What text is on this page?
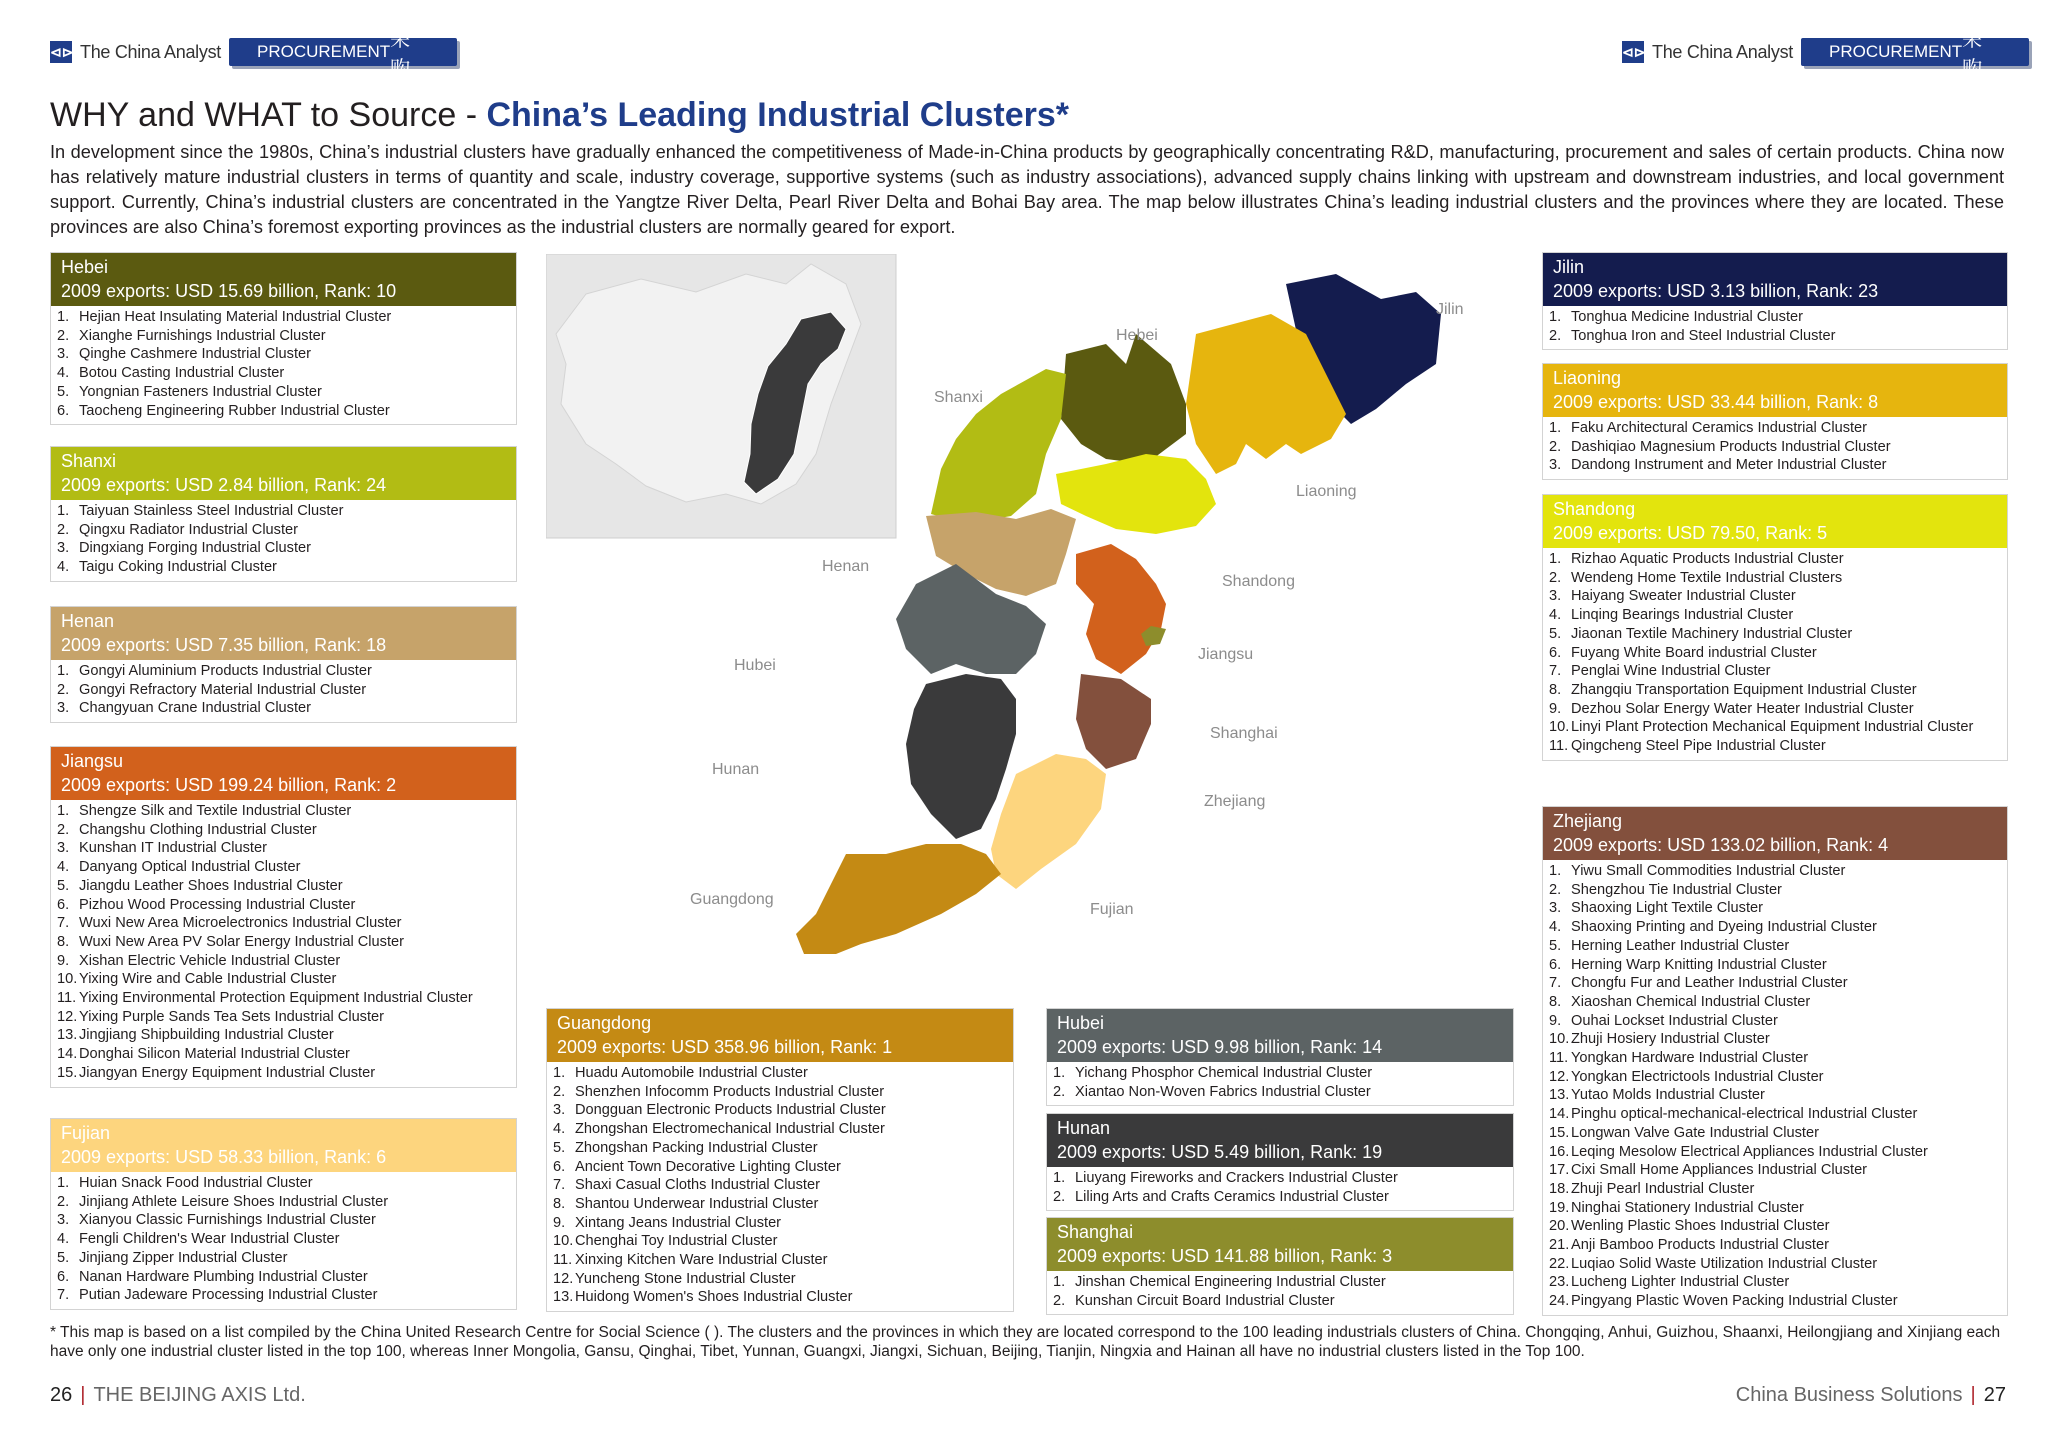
⊲⊳ The China Analyst PROCUREMENT
采购
⊲⊳ The China Analyst PROCUREMENT
采购
WHY and WHAT to Source - China’s Leading Industrial Clusters*
In development since the 1980s, China’s industrial clusters have gradually enhanced the competitiveness of Made-in-China products by geographically concentrating R&D, manufacturing, procurement and sales of certain products. China now has relatively mature industrial clusters in terms of quantity and scale, industry coverage, supportive systems (such as industry associations), advanced supply chains linking with upstream and downstream industries, and local government support. Currently, China’s industrial clusters are concentrated in the Yangtze River Delta, Pearl River Delta and Bohai Bay area. The map below illustrates China’s leading industrial clusters and the provinces where they are located. These provinces are also China’s foremost exporting provinces as the industrial clusters are normally geared for export.
Hebei
2009 exports: USD 15.69 billion, Rank: 10
1. Hejian Heat Insulating Material Industrial Cluster
2. Xianghe Furnishings Industrial Cluster
3. Qinghe Cashmere Industrial Cluster
4. Botou Casting Industrial Cluster
5. Yongnian Fasteners Industrial Cluster
6. Taocheng Engineering Rubber Industrial Cluster
Shanxi
2009 exports: USD 2.84 billion, Rank: 24
1. Taiyuan Stainless Steel Industrial Cluster
2. Qingxu Radiator Industrial Cluster
3. Dingxiang Forging Industrial Cluster
4. Taigu Coking Industrial Cluster
Henan
2009 exports: USD 7.35 billion, Rank: 18
1. Gongyi Aluminium Products Industrial Cluster
2. Gongyi Refractory Material Industrial Cluster
3. Changyuan Crane Industrial Cluster
Jiangsu
2009 exports: USD 199.24 billion, Rank: 2
1. Shengze Silk and Textile Industrial Cluster
2. Changshu Clothing Industrial Cluster
3. Kunshan IT Industrial Cluster
4. Danyang Optical Industrial Cluster
5. Jiangdu Leather Shoes Industrial Cluster
6. Pizhou Wood Processing Industrial Cluster
7. Wuxi New Area Microelectronics Industrial Cluster
8. Wuxi New Area PV Solar Energy Industrial Cluster
9. Xishan Electric Vehicle Industrial Cluster
10. Yixing Wire and Cable Industrial Cluster
11. Yixing Environmental Protection Equipment Industrial Cluster
12. Yixing Purple Sands Tea Sets Industrial Cluster
13. Jingjiang Shipbuilding Industrial Cluster
14. Donghai Silicon Material Industrial Cluster
15. Jiangyan Energy Equipment Industrial Cluster
Fujian
2009 exports: USD 58.33 billion, Rank: 6
1. Huian Snack Food Industrial Cluster
2. Jinjiang Athlete Leisure Shoes Industrial Cluster
3. Xianyou Classic Furnishings Industrial Cluster
4. Fengli Children's Wear Industrial Cluster
5. Jinjiang Zipper Industrial Cluster
6. Nanan Hardware Plumbing Industrial Cluster
7. Putian Jadeware Processing Industrial Cluster
Guangdong
2009 exports: USD 358.96 billion, Rank: 1
1. Huadu Automobile Industrial Cluster
2. Shenzhen Infocomm Products Industrial Cluster
3. Dongguan Electronic Products Industrial Cluster
4. Zhongshan Electromechanical Industrial Cluster
5. Zhongshan Packing Industrial Cluster
6. Ancient Town Decorative Lighting Cluster
7. Shaxi Casual Cloths Industrial Cluster
8. Shantou Underwear Industrial Cluster
9. Xintang Jeans Industrial Cluster
10. Chenghai Toy Industrial Cluster
11. Xinxing Kitchen Ware Industrial Cluster
12. Yuncheng Stone Industrial Cluster
13. Huidong Women's Shoes Industrial Cluster
Hubei
2009 exports: USD 9.98 billion, Rank: 14
1. Yichang Phosphor Chemical Industrial Cluster
2. Xiantao Non-Woven Fabrics Industrial Cluster
Hunan
2009 exports: USD 5.49 billion, Rank: 19
1. Liuyang Fireworks and Crackers Industrial Cluster
2. Liling Arts and Crafts Ceramics Industrial Cluster
Shanghai
2009 exports: USD 141.88 billion, Rank: 3
1. Jinshan Chemical Engineering Industrial Cluster
2. Kunshan Circuit Board Industrial Cluster
Jilin
2009 exports: USD 3.13 billion, Rank: 23
1. Tonghua Medicine Industrial Cluster
2. Tonghua Iron and Steel Industrial Cluster
Liaoning
2009 exports: USD 33.44 billion, Rank: 8
1. Faku Architectural Ceramics Industrial Cluster
2. Dashiqiao Magnesium Products Industrial Cluster
3. Dandong Instrument and Meter Industrial Cluster
Shandong
2009 exports: USD 79.50, Rank: 5
1. Rizhao Aquatic Products Industrial Cluster
2. Wendeng Home Textile Industrial Clusters
3. Haiyang Sweater Industrial Cluster
4. Linqing Bearings Industrial Cluster
5. Jiaonan Textile Machinery Industrial Cluster
6. Fuyang White Board industrial Cluster
7. Penglai Wine Industrial Cluster
8. Zhangqiu Transportation Equipment Industrial Cluster
9. Dezhou Solar Energy Water Heater Industrial Cluster
10. Linyi Plant Protection Mechanical Equipment Industrial Cluster
11. Qingcheng Steel Pipe Industrial Cluster
Zhejiang
2009 exports: USD 133.02 billion, Rank: 4
1. Yiwu Small Commodities Industrial Cluster
2. Shengzhou Tie Industrial Cluster
3. Shaoxing Light Textile Cluster
4. Shaoxing Printing and Dyeing Industrial Cluster
5. Herning Leather Industrial Cluster
6. Herning Warp Knitting Industrial Cluster
7. Chongfu Fur and Leather Industrial Cluster
8. Xiaoshan Chemical Industrial Cluster
9. Ouhai Lockset Industrial Cluster
10. Zhuji Hosiery Industrial Cluster
11. Yongkan Hardware Industrial Cluster
12. Yongkan Electrictools Industrial Cluster
13. Yutao Molds Industrial Cluster
14. Pinghu optical-mechanical-electrical Industrial Cluster
15. Longwan Valve Gate Industrial Cluster
16. Leqing Mesolow Electrical Appliances Industrial Cluster
17. Cixi Small Home Appliances Industrial Cluster
18. Zhuji Pearl Industrial Cluster
19. Ninghai Stationery Industrial Cluster
20. Wenling Plastic Shoes Industrial Cluster
21. Anji Bamboo Products Industrial Cluster
22. Luqiao Solid Waste Utilization Industrial Cluster
23. Lucheng Lighter Industrial Cluster
24. Pingyang Plastic Woven Packing Industrial Cluster
Jilin
Hebei
Shanxi
Liaoning
Henan
Shandong
Hubei
Jiangsu
Shanghai
Hunan
Zhejiang
Guangdong
Fujian
* This map is based on a list compiled by the China United Research Centre for Social Science ( ). The clusters and the provinces in which they are located correspond to the 100 leading industrials clusters of China. Chongqing, Anhui, Guizhou, Shaanxi, Heilongjiang and Xinjiang each have only one industrial cluster listed in the top 100, whereas Inner Mongolia, Gansu, Qinghai, Tibet, Yunnan, Guangxi, Jiangxi, Sichuan, Beijing, Tianjin, Ningxia and Hainan all have no industrial clusters listed in the Top 100.
26 | THE BEIJING AXIS Ltd.	China Business Solutions | 27
